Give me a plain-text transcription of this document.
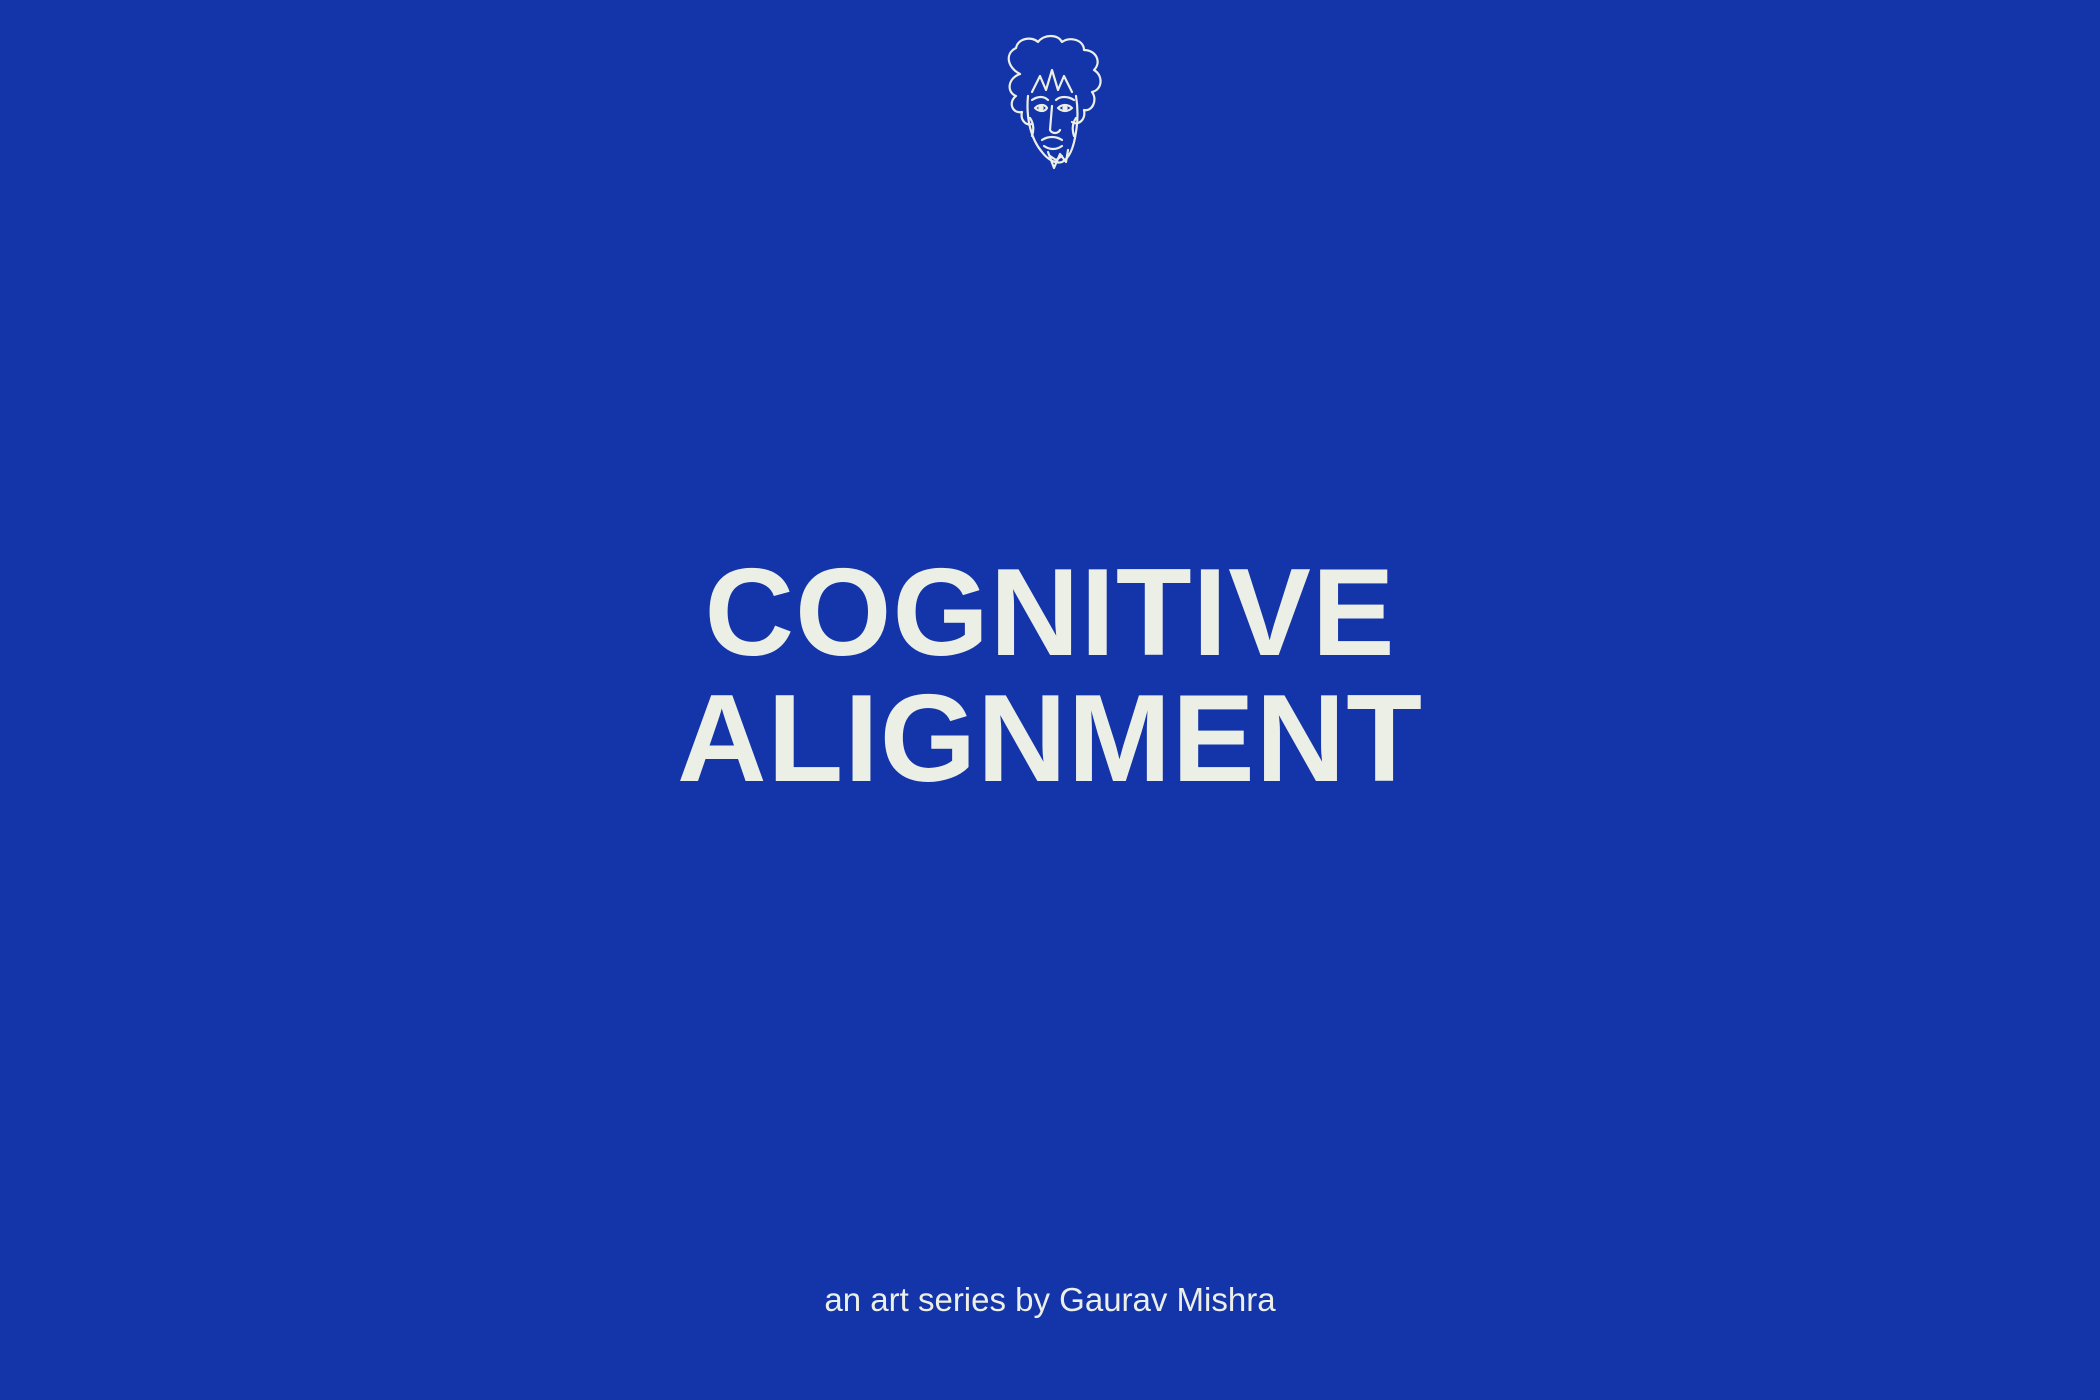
COGNITIVE
ALIGNMENT

an art series by Gaurav Mishra
